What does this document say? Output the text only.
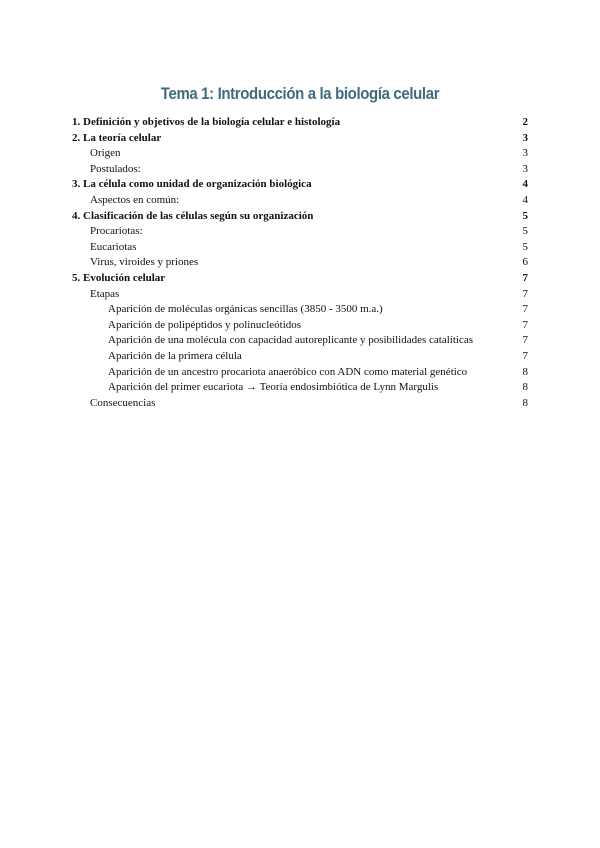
Tema 1: Introducción a la biología celular
1. Definición y objetivos de la biología celular e histología	2
2. La teoría celular	3
Origen	3
Postulados:	3
3. La célula como unidad de organización biológica	4
Aspectos en común:	4
4. Clasificación de las células según su organización	5
Procariotas:	5
Eucariotas	5
Virus, viroides y priones	6
5. Evolución celular	7
Etapas	7
Aparición de moléculas orgánicas sencillas (3850 - 3500 m.a.)	7
Aparición de polipéptidos y polinucleótidos	7
Aparición de una molécula con capacidad autoreplicante y posibilidades catalíticas	7
Aparición de la primera célula	7
Aparición de un ancestro procariota anaeróbico con ADN como material genético	8
Aparición del primer eucariota → Teoría endosimbiótica de Lynn Margulis	8
Consecuencias	8
